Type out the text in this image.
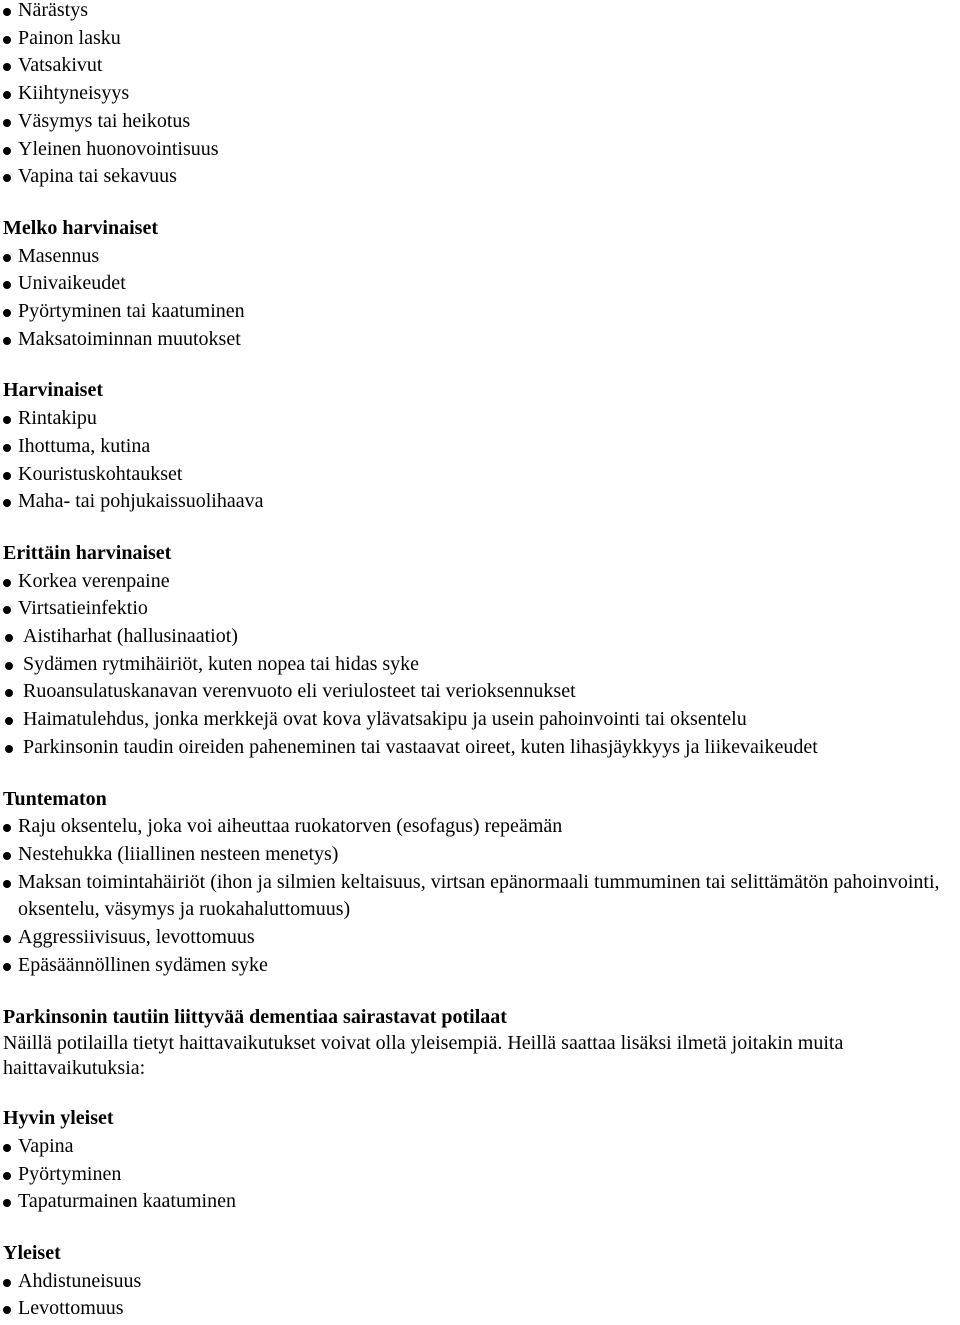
Närästys
Painon lasku
Vatsakivut
Kiihtyneisyys
Väsymys tai heikotus
Yleinen huonovointisuus
Vapina tai sekavuus
Melko harvinaiset
Masennus
Univaikeudet
Pyörtyminen tai kaatuminen
Maksatoiminnan muutokset
Harvinaiset
Rintakipu
Ihottuma, kutina
Kouristuskohtaukset
Maha- tai pohjukaissuolihaava
Erittäin harvinaiset
Korkea verenpaine
Virtsatieinfektio
Aistiharhat (hallusinaatiot)
Sydämen rytmihäiriöt, kuten nopea tai hidas syke
Ruoansulatuskanavan verenvuoto eli veriulosteet tai verioksennukset
Haimatulehdus, jonka merkkejä ovat kova ylävatsakipu ja usein pahoinvointi tai oksentelu
Parkinsonin taudin oireiden paheneminen tai vastaavat oireet, kuten lihasjäykkyys ja liikevaikeudet
Tuntematon
Raju oksentelu, joka voi aiheuttaa ruokatorven (esofagus) repeämän
Nestehukka (liiallinen nesteen menetys)
Maksan toimintahäiriöt (ihon ja silmien keltaisuus, virtsan epänormaali tummuminen tai selittämätön pahoinvointi, oksentelu, väsymys ja ruokahaluttomuus)
Aggressiivisuus, levottomuus
Epäsäännöllinen sydämen syke
Parkinsonin tautiin liittyvää dementiaa sairastavat potilaat

Näillä potilailla tietyt haittavaikutukset voivat olla yleisempiä. Heillä saattaa lisäksi ilmetä joitakin muita haittavaikutuksia:

Hyvin yleiset
Vapina
Pyörtyminen
Tapaturmainen kaatuminen
Yleiset
Ahdistuneisuus
Levottomuus
